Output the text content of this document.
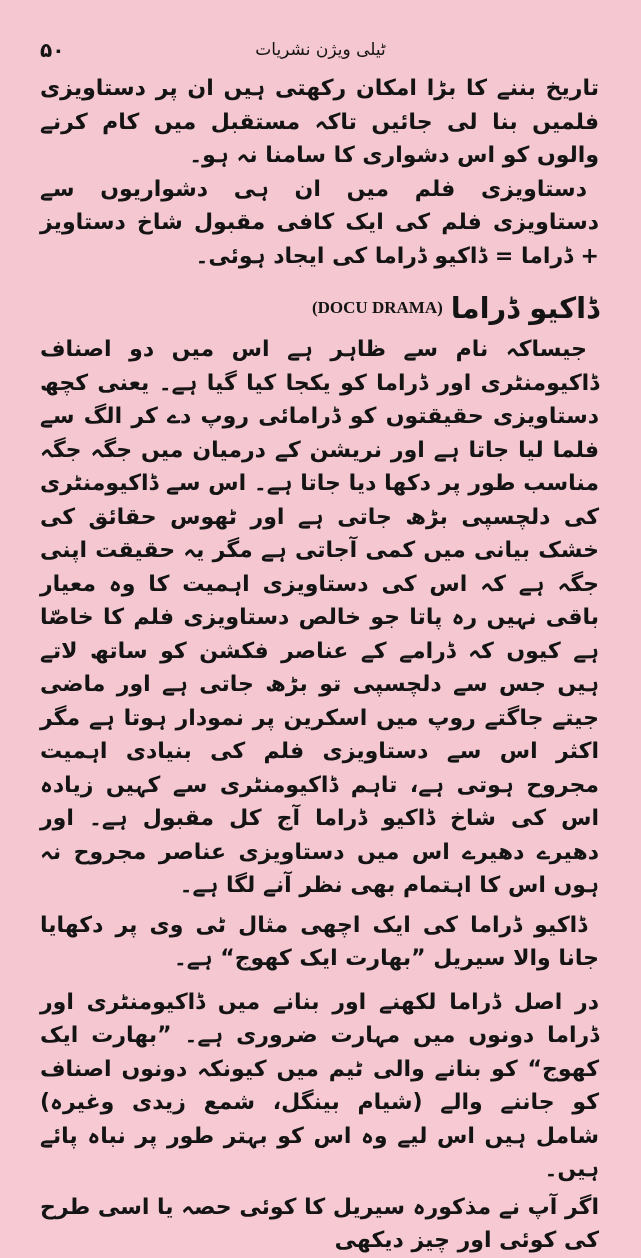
۵۰	ٹیلی ویژن نشریات

تاریخ بننے کا بڑا امکان رکھتی ہیں ان پر دستاویزی فلمیں بنا لی جائیں تاکہ مستقبل میں کام کرنے والوں کو اس دشواری کا سامنا نہ ہو۔

دستاویزی فلم میں ان ہی دشواریوں سے دستاویزی فلم کی ایک کافی مقبول شاخ دستاویز + ڈراما = ڈاکیو ڈراما کی ایجاد ہوئی۔

ڈاکیو ڈراما
(DOCU DRAMA)

جیساکہ نام سے ظاہر ہے اس میں دو اصناف ڈاکیومنٹری اور ڈراما کو یکجا کیا گیا ہے۔ یعنی کچھ دستاویزی حقیقتوں کو ڈرامائی روپ دے کر الگ سے فلما لیا جاتا ہے اور نریشن کے درمیان میں جگہ جگہ مناسب طور پر دکھا دیا جاتا ہے۔ اس سے ڈاکیومنٹری کی دلچسپی بڑھ جاتی ہے اور ٹھوس حقائق کی خشک بیانی میں کمی آجاتی ہے مگر یہ حقیقت اپنی جگہ ہے کہ اس کی دستاویزی اہمیت کا وہ معیار باقی نہیں رہ پاتا جو خالص دستاویزی فلم کا خاصّا ہے کیوں کہ ڈرامے کے عناصر فکشن کو ساتھ لاتے ہیں جس سے دلچسپی تو بڑھ جاتی ہے اور ماضی جیتے جاگتے روپ میں اسکرین پر نمودار ہوتا ہے مگر اکثر اس سے دستاویزی فلم کی بنیادی اہمیت مجروح ہوتی ہے، تاہم ڈاکیومنٹری سے کہیں زیادہ اس کی شاخ ڈاکیو ڈراما آج کل مقبول ہے۔ اور دھیرے دھیرے اس میں دستاویزی عناصر مجروح نہ ہوں اس کا اہتمام بھی نظر آنے لگا ہے۔

ڈاکیو ڈراما کی ایک اچھی مثال ٹی وی پر دکھایا جانا والا سیریل ”بھارت ایک کھوج“ ہے۔

در اصل ڈراما لکھنے اور بنانے میں ڈاکیومنٹری اور ڈراما دونوں میں مہارت ضروری ہے۔ ”بھارت ایک کھوج“ کو بنانے والی ٹیم میں کیونکہ دونوں اصناف کو جاننے والے (شیام بینگل، شمع زیدی وغیرہ) شامل ہیں اس لیے وہ اس کو بہتر طور پر نباہ پائے ہیں۔

اگر آپ نے مذکورہ سیریل کا کوئی حصہ یا اسی طرح کی کوئی اور چیز دیکھی
